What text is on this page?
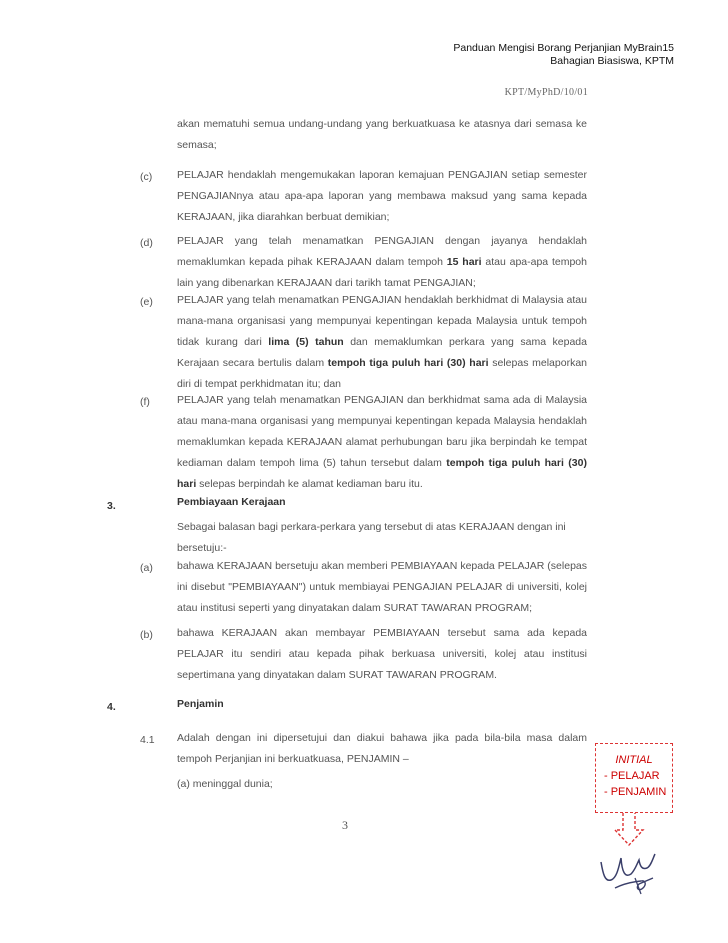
Panduan Mengisi Borang Perjanjian MyBrain15
Bahagian Biasiswa, KPTM
KPT/MyPhD/10/01
akan mematuhi semua undang-undang yang berkuatkuasa ke atasnya dari semasa ke
semasa;
(c) PELAJAR hendaklah mengemukakan laporan kemajuan PENGAJIAN setiap semester
PENGAJIANnya atau apa-apa laporan yang membawa maksud yang sama kepada
KERAJAAN, jika diarahkan berbuat demikian;
(d) PELAJAR yang telah menamatkan PENGAJIAN dengan jayanya hendaklah
memaklumkan kepada pihak KERAJAAN dalam tempoh 15 hari atau apa-apa tempoh
lain yang dibenarkan KERAJAAN dari tarikh tamat PENGAJIAN;
(e) PELAJAR yang telah menamatkan PENGAJIAN hendaklah berkhidmat di Malaysia atau
mana-mana organisasi yang mempunyai kepentingan kepada Malaysia untuk tempoh
tidak kurang dari lima (5) tahun dan memaklumkan perkara yang sama kepada
Kerajaan secara bertulis dalam tempoh tiga puluh hari (30) hari selepas melaporkan
diri di tempat perkhidmatan itu; dan
(f)	PELAJAR yang telah menamatkan PENGAJIAN dan berkhidmat sama ada di Malaysia
atau mana-mana organisasi yang mempunyai kepentingan kepada Malaysia hendaklah
memaklumkan kepada KERAJAAN alamat perhubungan baru jika berpindah ke tempat
kediaman dalam tempoh lima (5) tahun tersebut dalam tempoh tiga puluh hari (30)
hari selepas berpindah ke alamat kediaman baru itu.
3.	Pembiayaan Kerajaan
Sebagai balasan bagi perkara-perkara yang tersebut di atas KERAJAAN dengan ini bersetuju:-
(a) bahawa KERAJAAN bersetuju akan memberi PEMBIAYAAN kepada PELAJAR (selepas
ini disebut "PEMBIAYAAN") untuk membiayai PENGAJIAN PELAJAR di universiti, kolej
atau institusi seperti yang dinyatakan dalam SURAT TAWARAN PROGRAM;
(b) bahawa KERAJAAN akan membayar PEMBIAYAAN tersebut sama ada kepada
PELAJAR itu sendiri atau kepada pihak berkuasa universiti, kolej atau institusi
sepertimana yang dinyatakan dalam SURAT TAWARAN PROGRAM.
4.	Penjamin
4.1 Adalah dengan ini dipersetujui dan diakui bahawa jika pada bila-bila masa dalam
tempoh Perjanjian ini berkuatkuasa, PENJAMIN –
(a) meninggal dunia;
3
INITIAL
- PELAJAR
- PENJAMIN
